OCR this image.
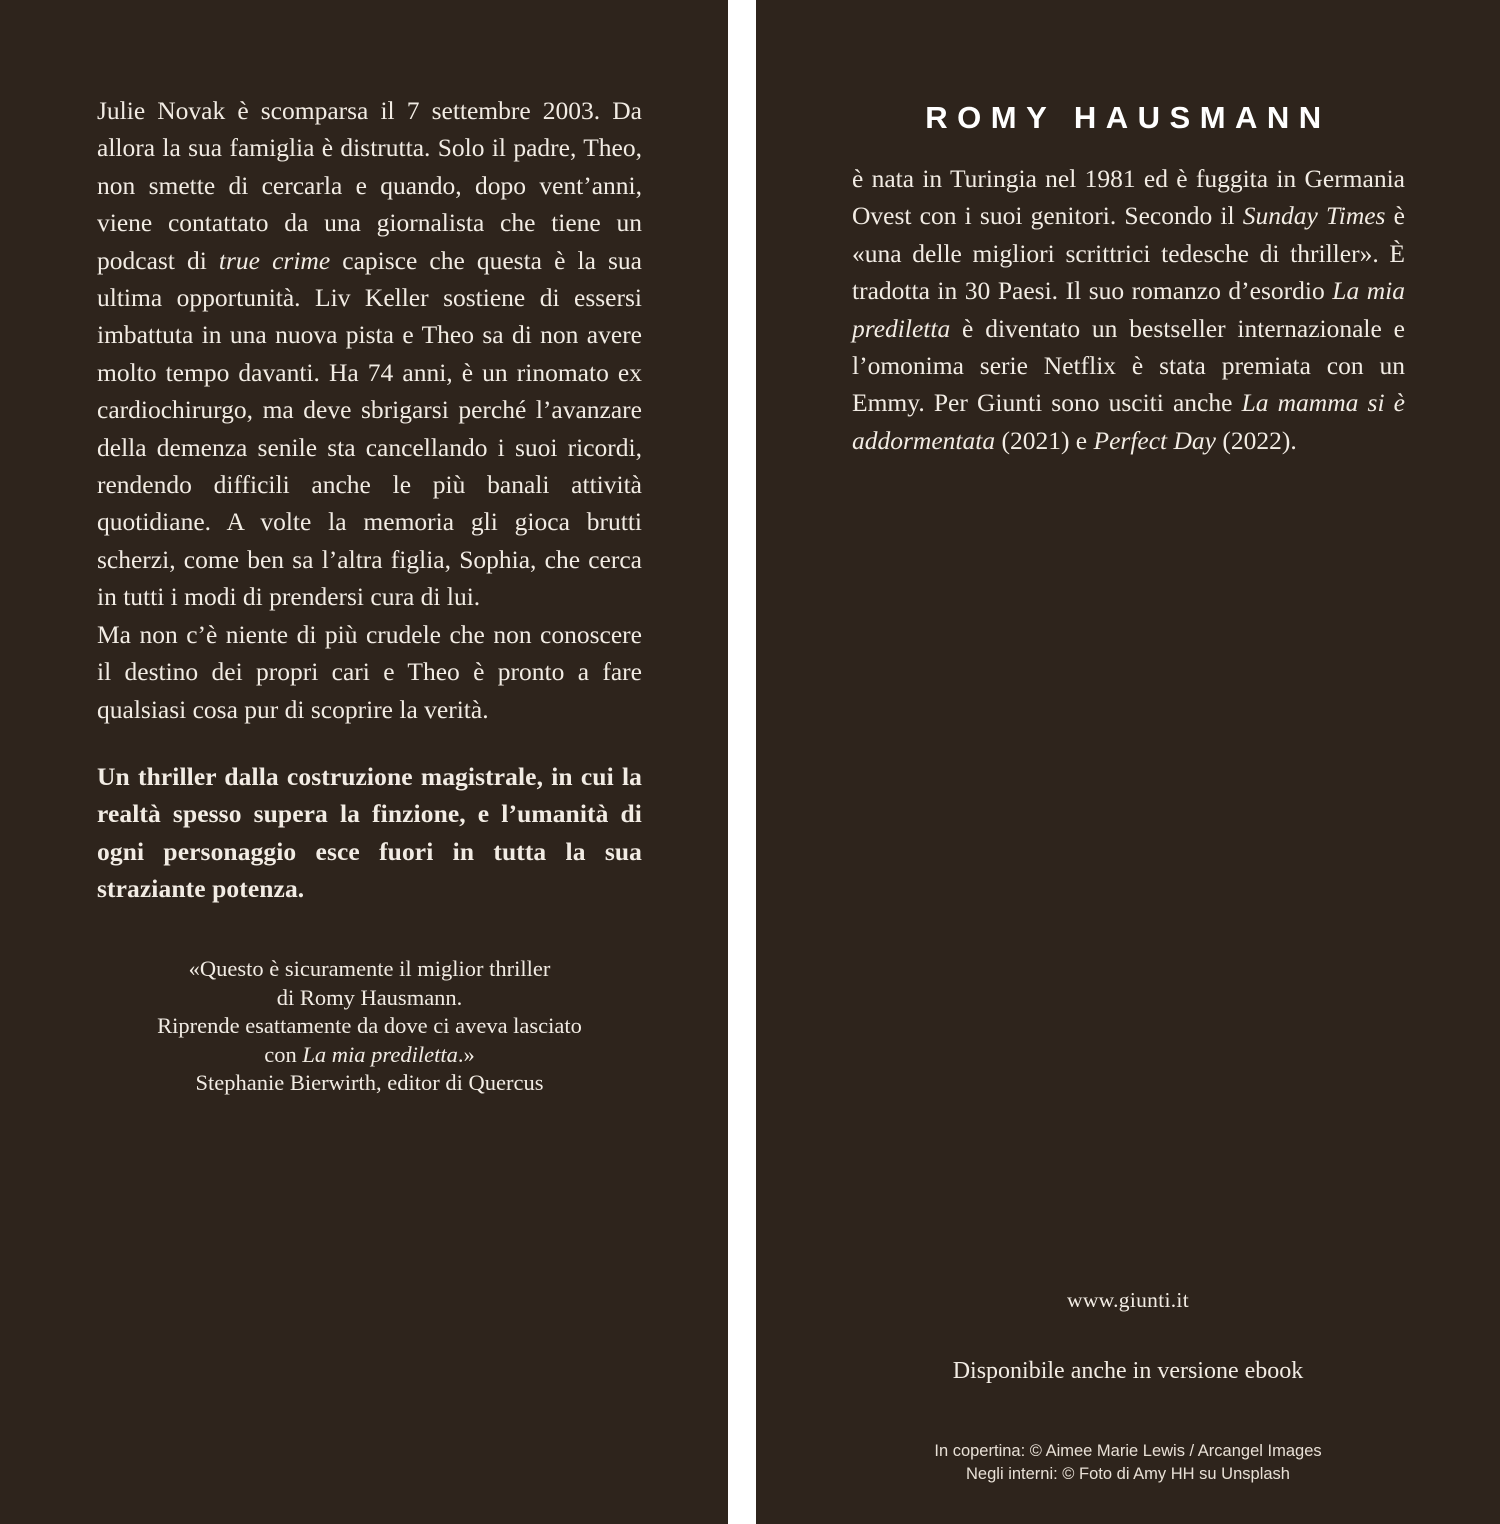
Julie Novak è scomparsa il 7 settembre 2003. Da allora la sua famiglia è distrutta. Solo il padre, Theo, non smette di cercarla e quando, dopo vent’anni, viene contattato da una giornalista che tiene un podcast di true crime capisce che questa è la sua ultima opportunità. Liv Keller sostiene di essersi imbattuta in una nuova pista e Theo sa di non avere molto tempo davanti. Ha 74 anni, è un rinomato ex cardiochirurgo, ma deve sbrigarsi perché l’avanzare della demenza senile sta cancellando i suoi ricordi, rendendo difficili anche le più banali attività quotidiane. A volte la memoria gli gioca brutti scherzi, come ben sa l’altra figlia, Sophia, che cerca in tutti i modi di prendersi cura di lui.

Ma non c’è niente di più crudele che non conoscere il destino dei propri cari e Theo è pronto a fare qualsiasi cosa pur di scoprire la verità.

Un thriller dalla costruzione magistrale, in cui la realtà spesso supera la finzione, e l’umanità di ogni personaggio esce fuori in tutta la sua straziante potenza.

«Questo è sicuramente il miglior thriller

di Romy Hausmann.

Riprende esattamente da dove ci aveva lasciato

con La mia prediletta.»

Stephanie Bierwirth, editor di Quercus

ROMY HAUSMANN

è nata in Turingia nel 1981 ed è fuggita in Germania Ovest con i suoi genitori. Secondo il Sunday Times è «una delle migliori scrittrici tedesche di thriller». È tradotta in 30 Paesi. Il suo romanzo d’esordio La mia prediletta è diventato un bestseller internazionale e l’omonima serie Netflix è stata premiata con un Emmy. Per Giunti sono usciti anche La mamma si è addormentata (2021) e Perfect Day (2022).

www.giunti.it
Disponibile anche in versione ebook
In copertina: © Aimee Marie Lewis / Arcangel Images
Negli interni: © Foto di Amy HH su Unsplash
